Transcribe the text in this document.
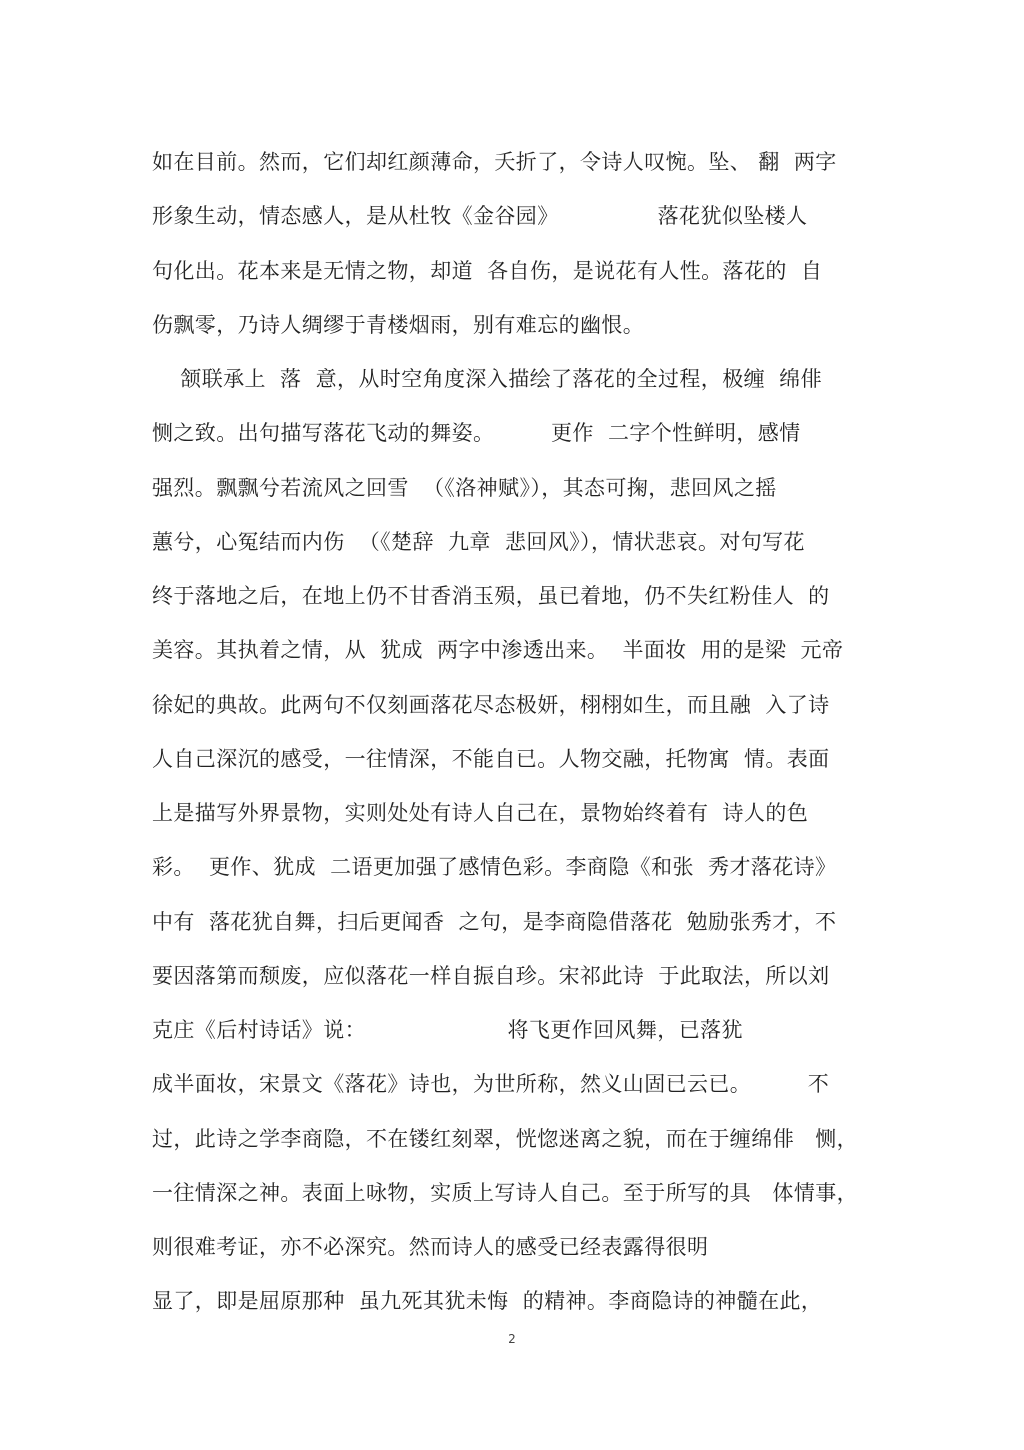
如在目前。然而，它们却红颜薄命，夭折了，令诗人叹惋。坠、 翻  两字

形象生动，情态感人，是从杜牧《金谷园》              落花犹似坠楼人

句化出。花本来是无情之物，却道  各自伤，是说花有人性。落花的  自

伤飘零，乃诗人绸缪于青楼烟雨，别有难忘的幽恨。

颔联承上  落  意，从时空角度深入描绘了落花的全过程，极缠  绵俳

恻之致。出句描写落花飞动的舞姿。        更作  二字个性鲜明，感情

强烈。飘飘兮若流风之回雪  （《洛神赋》），其态可掬，悲回风之摇

蕙兮，心冤结而内伤  （《楚辞  九章  悲回风》），情状悲哀。对句写花

终于落地之后，在地上仍不甘香消玉殒，虽已着地，仍不失红粉佳人  的

美容。其执着之情，从  犹成  两字中渗透出来。  半面妆  用的是梁  元帝

徐妃的典故。此两句不仅刻画落花尽态极妍，栩栩如生，而且融  入了诗

人自己深沉的感受，一往情深，不能自已。人物交融，托物寓  情。表面

上是描写外界景物，实则处处有诗人自己在，景物始终着有  诗人的色

彩。  更作、犹成  二语更加强了感情色彩。李商隐《和张  秀才落花诗》

中有  落花犹自舞，扫后更闻香  之句，是李商隐借落花  勉励张秀才，不

要因落第而颓废，应似落花一样自振自珍。宋祁此诗  于此取法，所以刘

克庄《后村诗话》说：                    将飞更作回风舞，已落犹

成半面妆，宋景文《落花》诗也，为世所称，然义山固已云已。        不

过，此诗之学李商隐，不在镂红刻翠，恍惚迷离之貌，而在于缠绵俳   恻，

一往情深之神。表面上咏物，实质上写诗人自己。至于所写的具   体情事，

则很难考证，亦不必深究。然而诗人的感受已经表露得很明

显了，即是屈原那种  虽九死其犹未悔  的精神。李商隐诗的神髓在此，

2
